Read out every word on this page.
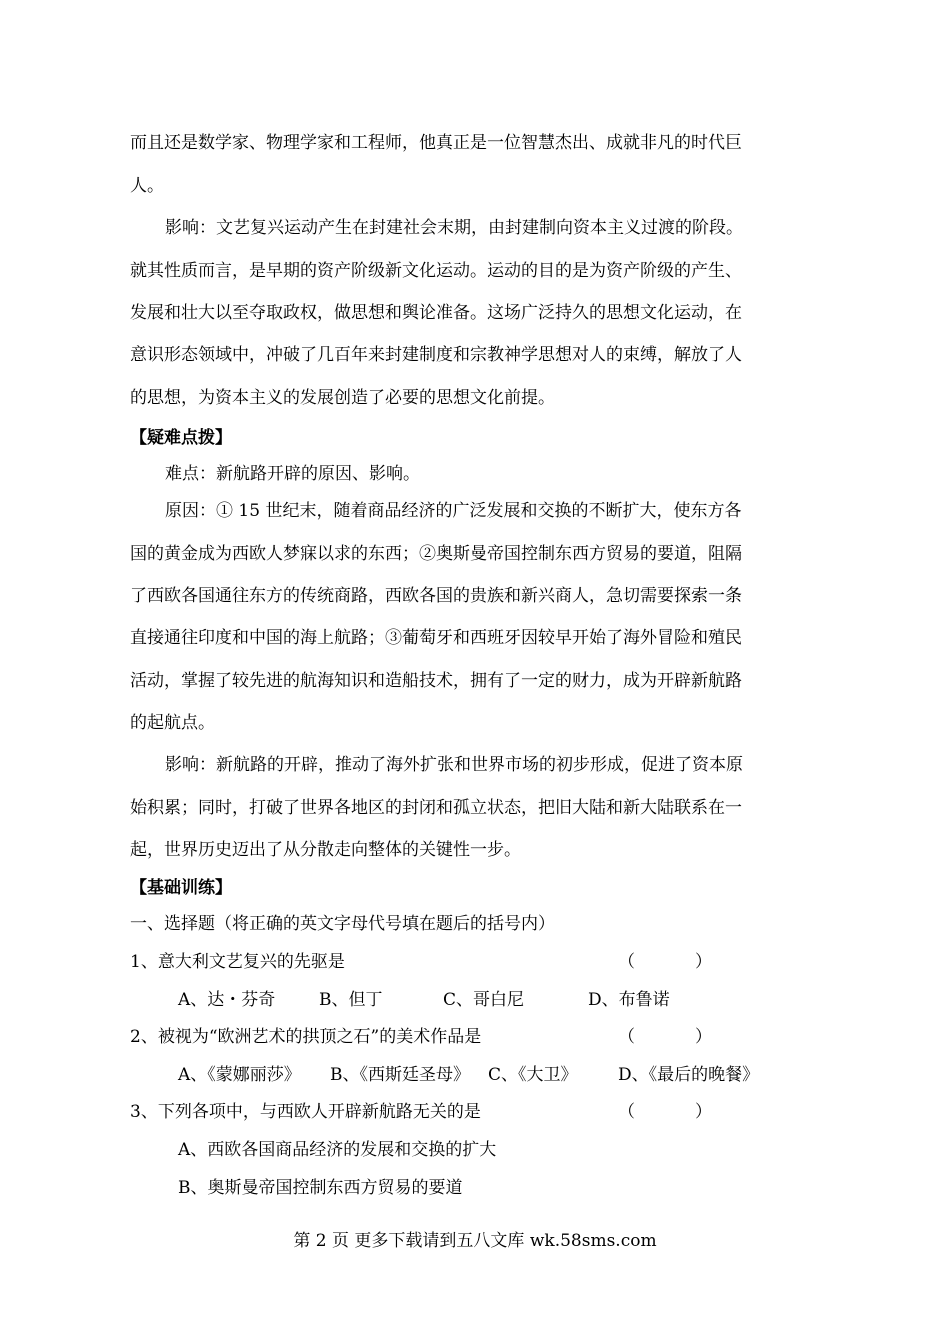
而且还是数学家、物理学家和工程师，他真正是一位智慧杰出、成就非凡的时代巨
人。
影响：文艺复兴运动产生在封建社会末期，由封建制向资本主义过渡的阶段。
就其性质而言，是早期的资产阶级新文化运动。运动的目的是为资产阶级的产生、
发展和壮大以至夺取政权，做思想和舆论准备。这场广泛持久的思想文化运动，在
意识形态领域中，冲破了几百年来封建制度和宗教神学思想对人的束缚，解放了人
的思想，为资本主义的发展创造了必要的思想文化前提。
【疑难点拨】
难点：新航路开辟的原因、影响。
原因：① 15 世纪末，随着商品经济的广泛发展和交换的不断扩大，使东方各
国的黄金成为西欧人梦寐以求的东西；②奥斯曼帝国控制东西方贸易的要道，阻隔
了西欧各国通往东方的传统商路，西欧各国的贵族和新兴商人，急切需要探索一条
直接通往印度和中国的海上航路；③葡萄牙和西班牙因较早开始了海外冒险和殖民
活动，掌握了较先进的航海知识和造船技术，拥有了一定的财力，成为开辟新航路
的起航点。
影响：新航路的开辟，推动了海外扩张和世界市场的初步形成，促进了资本原
始积累；同时，打破了世界各地区的封闭和孤立状态，把旧大陆和新大陆联系在一
起，世界历史迈出了从分散走向整体的关键性一步。
【基础训练】
一、选择题（将正确的英文字母代号填在题后的括号内）
1、意大利文艺复兴的先驱是	（	）
A、达・芬奇	B、但丁	C、哥白尼	D、布鲁诺
2、被视为“欧洲艺术的拱顶之石”的美术作品是	（	）
A、《蒙娜丽莎》 B、《西斯廷圣母》 C、《大卫》 D、《最后的晚餐》
3、下列各项中，与西欧人开辟新航路无关的是	（	）
A、西欧各国商品经济的发展和交换的扩大
B、奥斯曼帝国控制东西方贸易的要道
第 2 页 更多下载请到五八文库 wk.58sms.com
